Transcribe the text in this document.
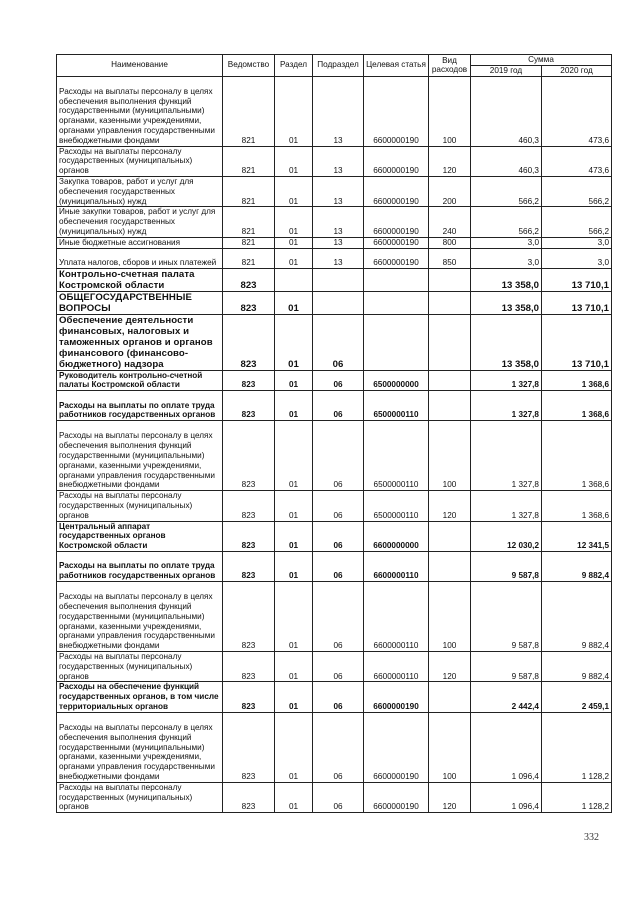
Наименование	Ведомство	Раздел	Подраздел	Целевая статья	Вид расходов	Сумма	
						2019 год	2020 год
Расходы на выплаты персоналу в целях обеспечения выполнения функций государственными (муниципальными) органами, казенными учреждениями, органами управления государственными внебюджетными фондами	821	01	13	6600000190	100	460,3	473,6
Расходы на выплаты персоналу государственных (муниципальных) органов	821	01	13	6600000190	120	460,3	473,6
Закупка товаров, работ и услуг для обеспечения государственных (муниципальных) нужд	821	01	13	6600000190	200	566,2	566,2
Иные закупки товаров, работ и услуг для обеспечения государственных (муниципальных) нужд	821	01	13	6600000190	240	566,2	566,2
Иные бюджетные ассигнования	821	01	13	6600000190	800	3,0	3,0
Уплата налогов, сборов и иных платежей	821	01	13	6600000190	850	3,0	3,0
Контрольно-счетная палата Костромской области	823					13 358,0	13 710,1
ОБЩЕГОСУДАРСТВЕННЫЕ ВОПРОСЫ	823	01				13 358,0	13 710,1
Обеспечение деятельности финансовых, налоговых и таможенных органов и органов финансового (финансово-бюджетного) надзора	823	01	06			13 358,0	13 710,1
Руководитель контрольно-счетной палаты Костромской области	823	01	06	6500000000		1 327,8	1 368,6
Расходы на выплаты по оплате труда работников государственных органов	823	01	06	6500000110		1 327,8	1 368,6
Расходы на выплаты персоналу в целях обеспечения выполнения функций государственными (муниципальными) органами, казенными учреждениями, органами управления государственными внебюджетными фондами	823	01	06	6500000110	100	1 327,8	1 368,6
Расходы на выплаты персоналу государственных (муниципальных) органов	823	01	06	6500000110	120	1 327,8	1 368,6
Центральный аппарат государственных органов Костромской области	823	01	06	6600000000		12 030,2	12 341,5
Расходы на выплаты по оплате труда работников государственных органов	823	01	06	6600000110		9 587,8	9 882,4
Расходы на выплаты персоналу в целях обеспечения выполнения функций государственными (муниципальными) органами, казенными учреждениями, органами управления государственными внебюджетными фондами	823	01	06	6600000110	100	9 587,8	9 882,4
Расходы на выплаты персоналу государственных (муниципальных) органов	823	01	06	6600000110	120	9 587,8	9 882,4
Расходы на обеспечение функций государственных органов, в том числе территориальных органов	823	01	06	6600000190		2 442,4	2 459,1
Расходы на выплаты персоналу в целях обеспечения выполнения функций государственными (муниципальными) органами, казенными учреждениями, органами управления государственными внебюджетными фондами	823	01	06	6600000190	100	1 096,4	1 128,2
Расходы на выплаты персоналу государственных (муниципальных) органов	823	01	06	6600000190	120	1 096,4	1 128,2
332
